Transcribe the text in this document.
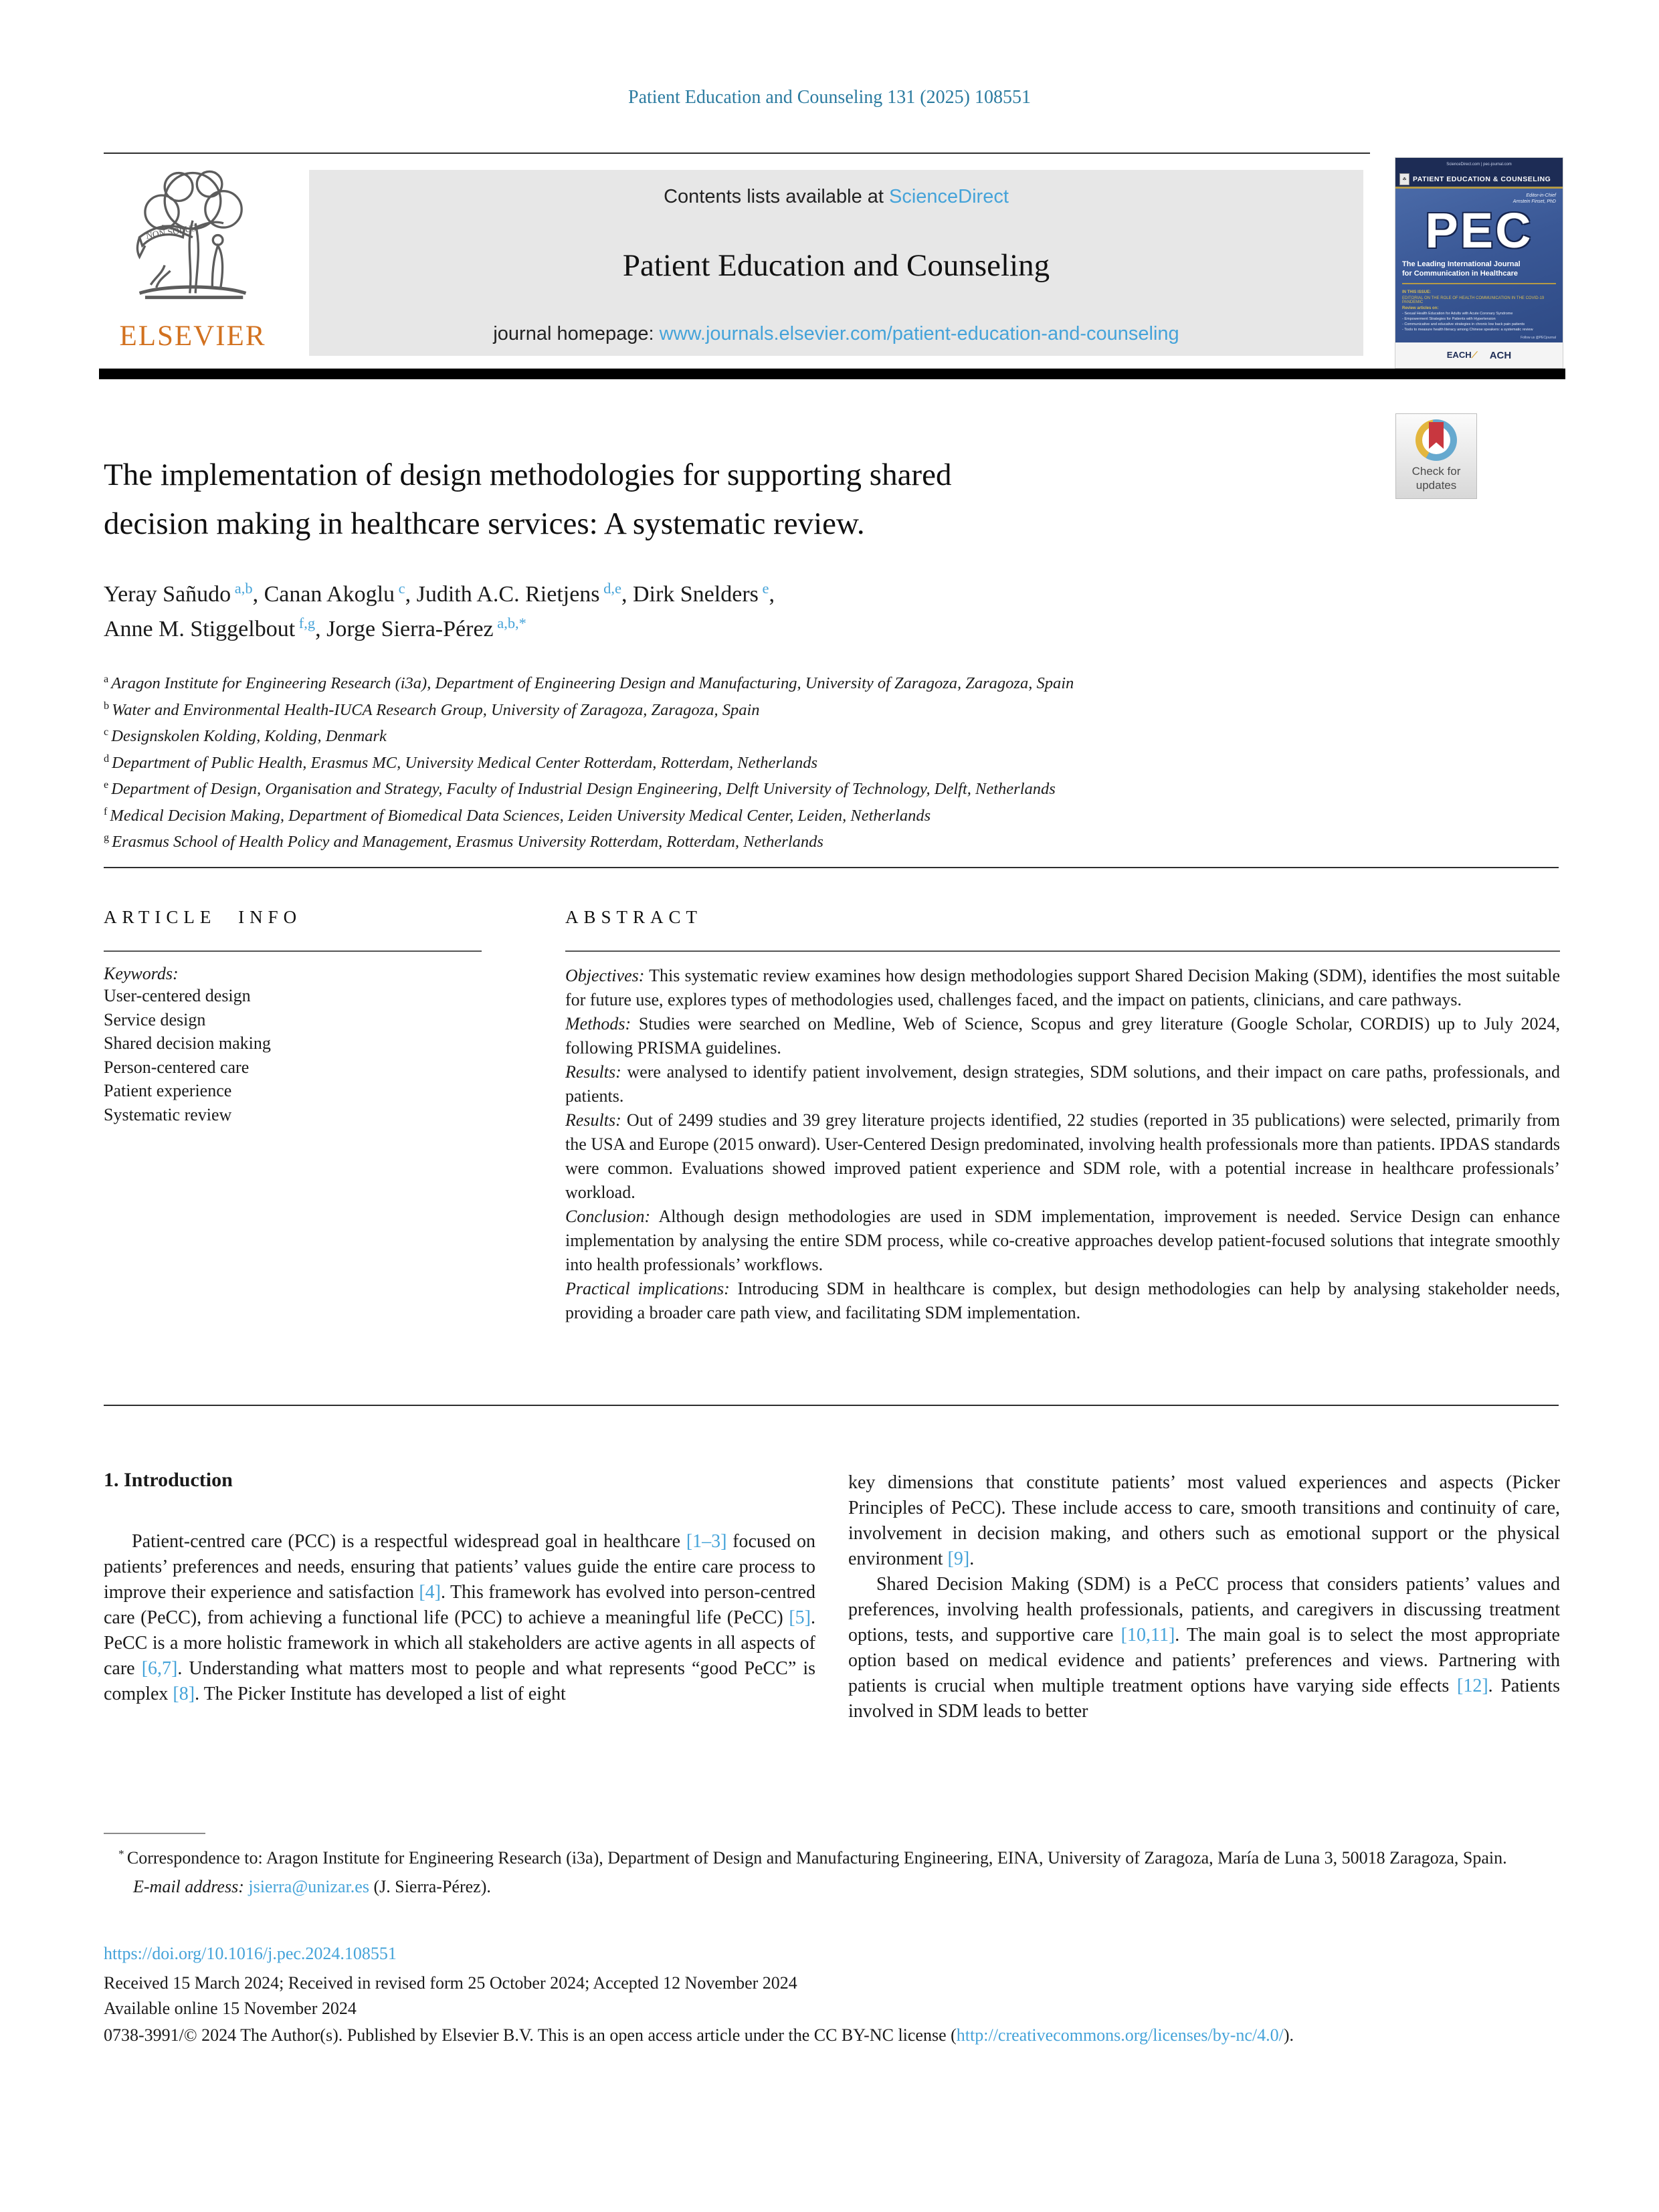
Patient Education and Counseling 131 (2025) 108551
NON SOLUS
ELSEVIER
Contents lists available at ScienceDirect
Patient Education and Counseling
journal homepage: www.journals.elsevier.com/patient-education-and-counseling
ScienceDirect.com | pec-journal.com
☘ PATIENT EDUCATION & COUNSELING
Editor-in-Chief
Arnstein Finset, PhD
PEC
The Leading International Journal
for Communication in Healthcare
IN THIS ISSUE:
EDITORIAL ON THE ROLE OF HEALTH COMMUNICATION IN THE COVID-19 PANDEMIC
Review articles on:
- Sexual Health Education for Adults with Acute Coronary Syndrome
- Empowerment Strategies for Patients with Hypertension
- Communicative and educative strategies in chronic low back pain patients
- Tools to measure health literacy among Chinese speakers: a systematic review
Follow us @PECjournal
EACH⟋ ACH
Check for
updates
The implementation of design methodologies for supporting shared
decision making in healthcare services: A systematic review.
Yeray Sañudo $^{a,b}$, Canan Akoglu $^c$, Judith A.C. Rietjens $^{d,e}$, Dirk Snelders $^e$,
Anne M. Stiggelbout $^{f,g}$, Jorge Sierra-Pérez $^{a,b,*}$
$^a$ Aragon Institute for Engineering Research (i3a), Department of Engineering Design and Manufacturing, University of Zaragoza, Zaragoza, Spain
$^b$ Water and Environmental Health-IUCA Research Group, University of Zaragoza, Zaragoza, Spain
$^c$ Designskolen Kolding, Kolding, Denmark
$^d$ Department of Public Health, Erasmus MC, University Medical Center Rotterdam, Rotterdam, Netherlands
$^e$ Department of Design, Organisation and Strategy, Faculty of Industrial Design Engineering, Delft University of Technology, Delft, Netherlands
$^f$ Medical Decision Making, Department of Biomedical Data Sciences, Leiden University Medical Center, Leiden, Netherlands
$^g$ Erasmus School of Health Policy and Management, Erasmus University Rotterdam, Rotterdam, Netherlands
ARTICLE INFO
Keywords:
User-centered design
Service design
Shared decision making
Person-centered care
Patient experience
Systematic review
ABSTRACT
Objectives: This systematic review examines how design methodologies support Shared Decision Making (SDM), identifies the most suitable for future use, explores types of methodologies used, challenges faced, and the impact on patients, clinicians, and care pathways.
Methods: Studies were searched on Medline, Web of Science, Scopus and grey literature (Google Scholar, CORDIS) up to July 2024, following PRISMA guidelines.
Results: were analysed to identify patient involvement, design strategies, SDM solutions, and their impact on care paths, professionals, and patients.
Results: Out of 2499 studies and 39 grey literature projects identified, 22 studies (reported in 35 publications) were selected, primarily from the USA and Europe (2015 onward). User-Centered Design predominated, involving health professionals more than patients. IPDAS standards were common. Evaluations showed improved patient experience and SDM role, with a potential increase in healthcare professionals’ workload.
Conclusion: Although design methodologies are used in SDM implementation, improvement is needed. Service Design can enhance implementation by analysing the entire SDM process, while co-creative approaches develop patient-focused solutions that integrate smoothly into health professionals’ workflows.
Practical implications: Introducing SDM in healthcare is complex, but design methodologies can help by analysing stakeholder needs, providing a broader care path view, and facilitating SDM implementation.
1. Introduction
Patient-centred care (PCC) is a respectful widespread goal in healthcare [1–3] focused on patients’ preferences and needs, ensuring that patients’ values guide the entire care process to improve their experience and satisfaction [4]. This framework has evolved into person-centred care (PeCC), from achieving a functional life (PCC) to achieve a meaningful life (PeCC) [5]. PeCC is a more holistic framework in which all stakeholders are active agents in all aspects of care [6,7]. Understanding what matters most to people and what represents “good PeCC” is complex [8]. The Picker Institute has developed a list of eight
key dimensions that constitute patients’ most valued experiences and aspects (Picker Principles of PeCC). These include access to care, smooth transitions and continuity of care, involvement in decision making, and others such as emotional support or the physical environment [9].
Shared Decision Making (SDM) is a PeCC process that considers patients’ values and preferences, involving health professionals, patients, and caregivers in discussing treatment options, tests, and supportive care [10,11]. The main goal is to select the most appropriate option based on medical evidence and patients’ preferences and views. Partnering with patients is crucial when multiple treatment options have varying side effects [12]. Patients involved in SDM leads to better
* Correspondence to: Aragon Institute for Engineering Research (i3a), Department of Design and Manufacturing Engineering, EINA, University of Zaragoza, María de Luna 3, 50018 Zaragoza, Spain.
E-mail address: jsierra@unizar.es (J. Sierra-Pérez).
https://doi.org/10.1016/j.pec.2024.108551
Received 15 March 2024; Received in revised form 25 October 2024; Accepted 12 November 2024
Available online 15 November 2024
0738-3991/© 2024 The Author(s). Published by Elsevier B.V. This is an open access article under the CC BY-NC license (http://creativecommons.org/licenses/by-nc/4.0/).
